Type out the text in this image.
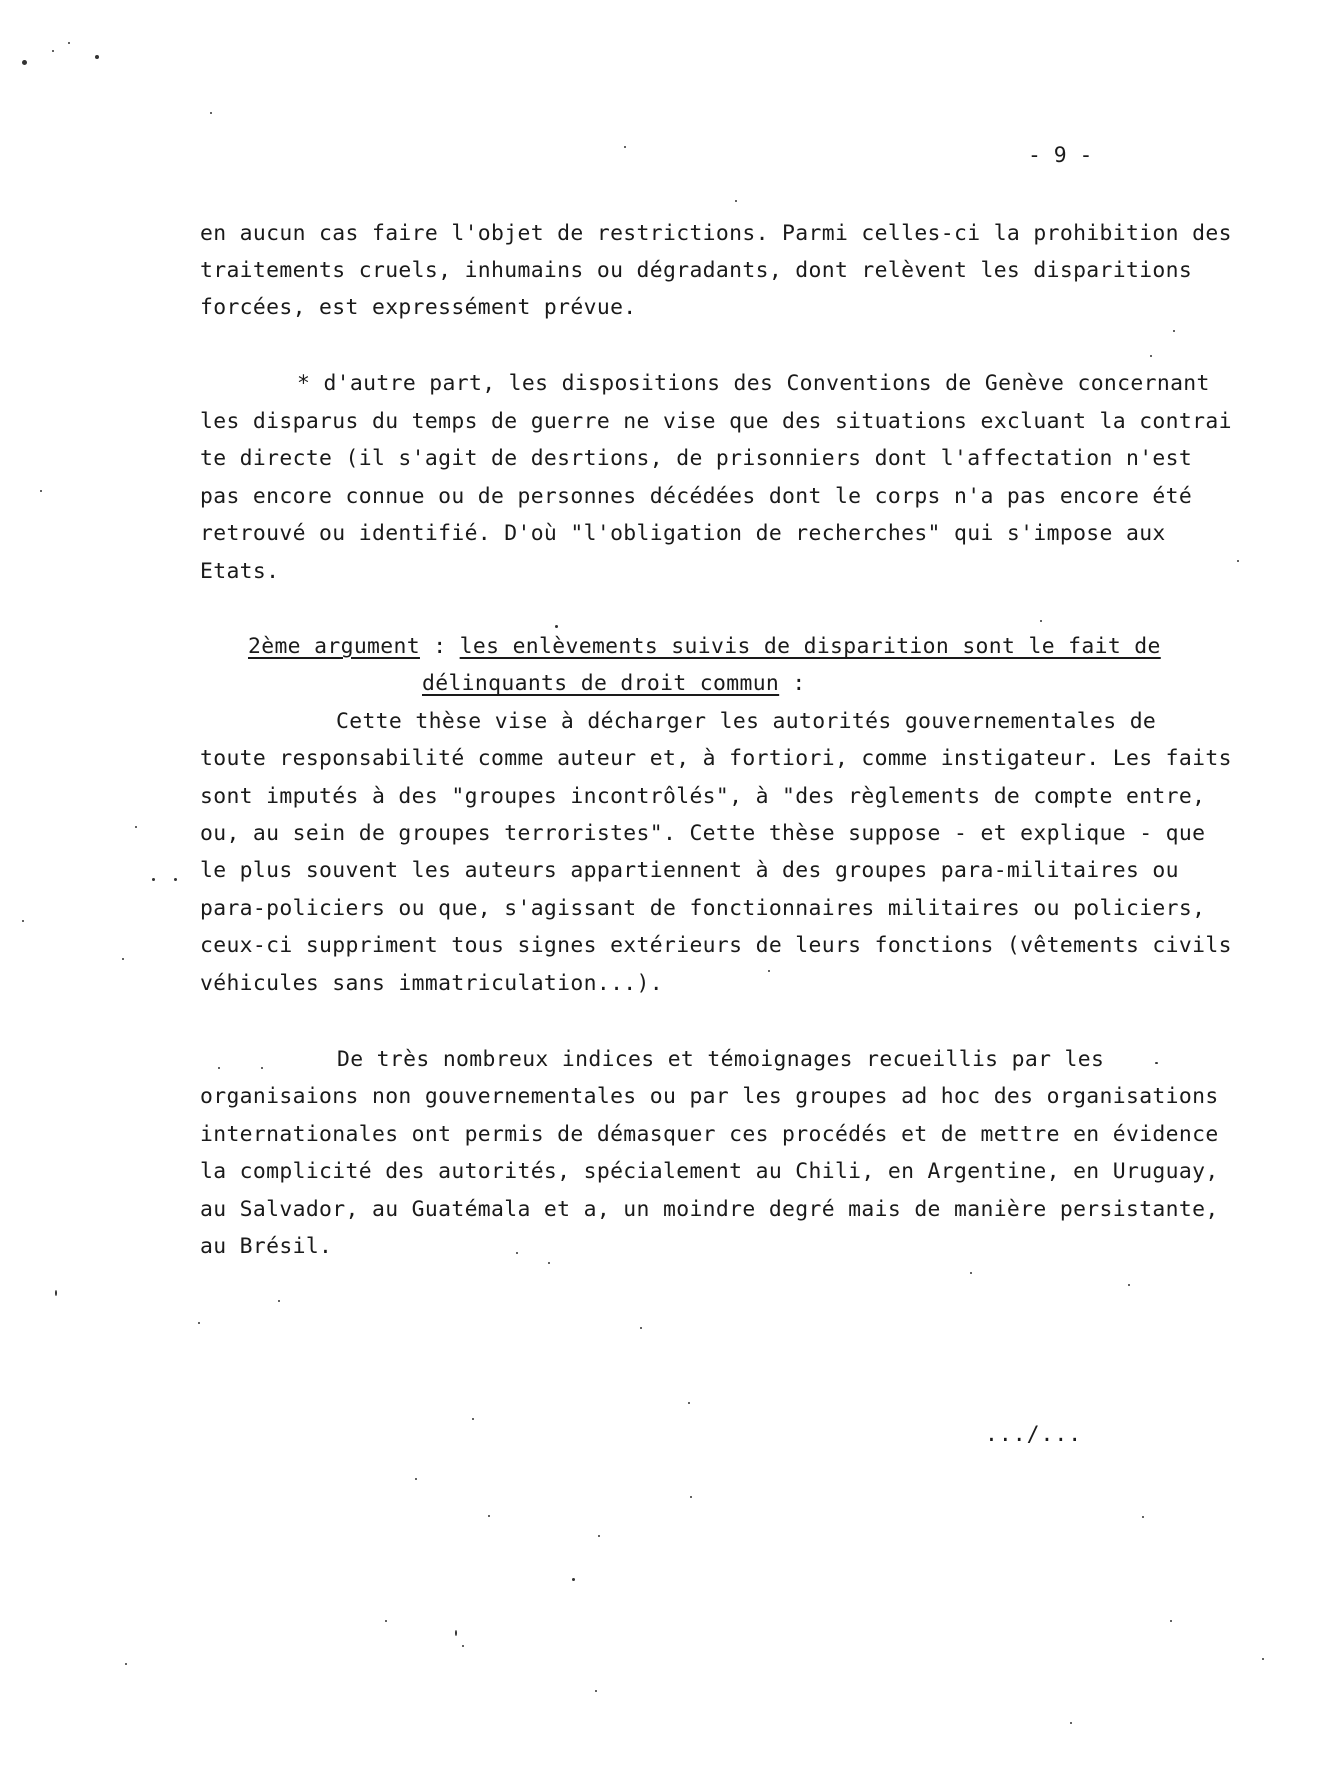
- 9 -
en aucun cas faire l'objet de restrictions. Parmi celles-ci la prohibition des
traitements cruels, inhumains ou dégradants, dont relèvent les disparitions
forcées, est expressément prévue.
* d'autre part, les dispositions des Conventions de Genève concernant
les disparus du temps de guerre ne vise que des situations excluant la contrai
te directe (il s'agit de desrtions, de prisonniers dont l'affectation n'est
pas encore connue ou de personnes décédées dont le corps n'a pas encore été
retrouvé ou identifié. D'où "l'obligation de recherches" qui s'impose aux
Etats.
2ème argument : les enlèvements suivis de disparition sont le fait de
délinquants de droit commun :
Cette thèse vise à décharger les autorités gouvernementales de
toute responsabilité comme auteur et, à fortiori, comme instigateur. Les faits
sont imputés à des "groupes incontrôlés", à "des règlements de compte entre,
ou, au sein de groupes terroristes". Cette thèse suppose - et explique - que
le plus souvent les auteurs appartiennent à des groupes para-militaires ou
para-policiers ou que, s'agissant de fonctionnaires militaires ou policiers,
ceux-ci suppriment tous signes extérieurs de leurs fonctions (vêtements civils
véhicules sans immatriculation...).
De très nombreux indices et témoignages recueillis par les
organisaions non gouvernementales ou par les groupes ad hoc des organisations
internationales ont permis de démasquer ces procédés et de mettre en évidence
la complicité des autorités, spécialement au Chili, en Argentine, en Uruguay,
au Salvador, au Guatémala et a, un moindre degré mais de manière persistante,
au Brésil.
.../...
